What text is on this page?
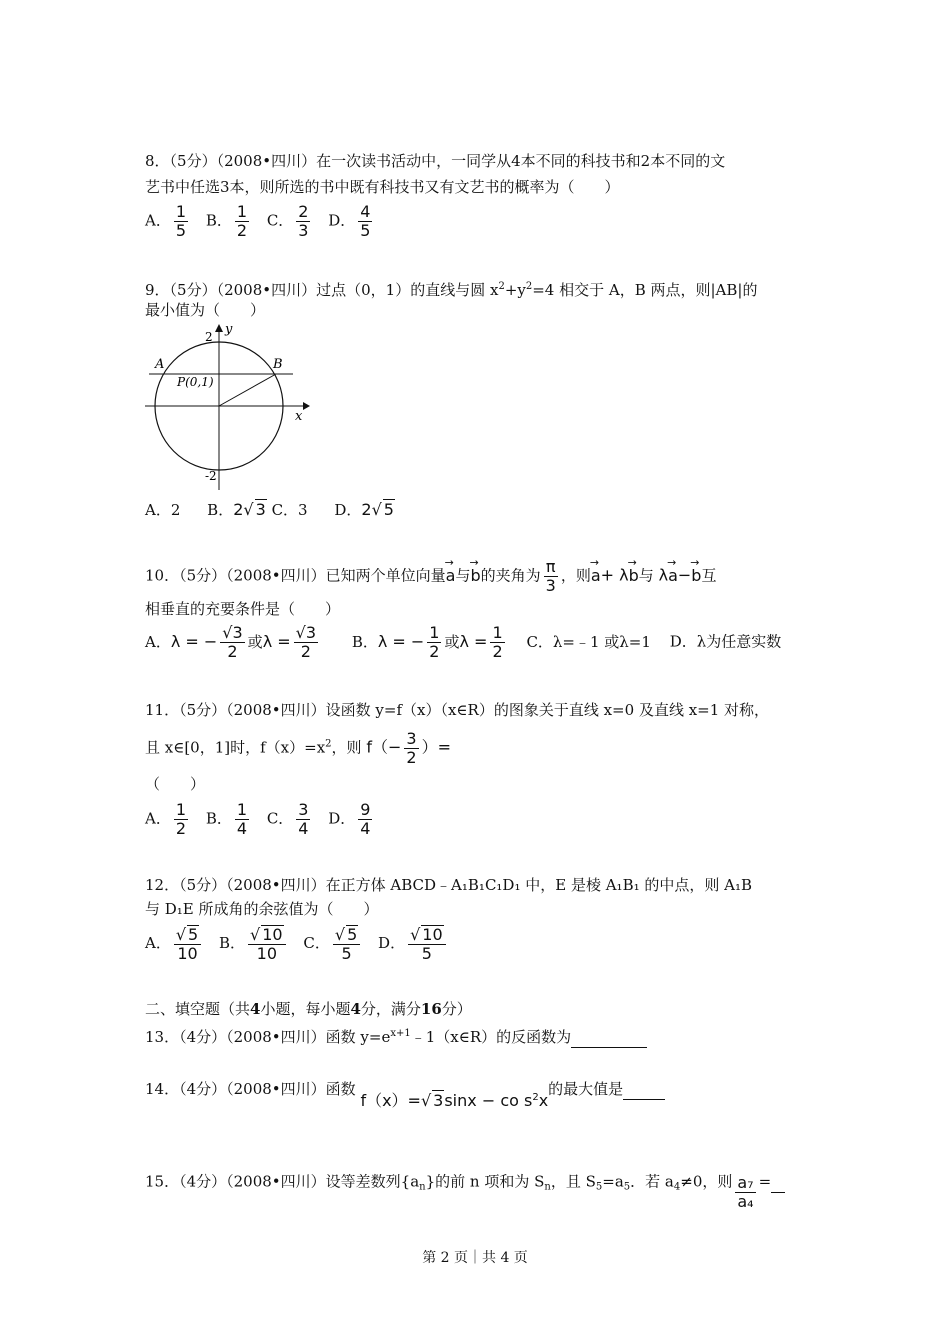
8．（5分）（2008•四川）在一次读书活动中，一同学从4本不同的科技书和2本不同的文
艺书中任选3本，则所选的书中既有科技书又有文艺书的概率为（　　）
A． $\frac{1}{5}$ B． $\frac{1}{2}$ C． $\frac{2}{3}$ D． $\frac{4}{5}$
9．（5分）（2008•四川）过点（0，1）的直线与圆 $x^2+y^2=4$ 相交于 A，B 两点，则|AB|的
最小值为（　　）
y
x
2
-2
A	B
P(0,1)
A．2 B．2√ 3 C．3 D．2√ 5
10．（5分）（2008•四川）已知两个单位向量→ a与→ b的夹角为 $\frac{\pi}{3}$ ，则→ a+ λ→ b与 λ→ a−→ b互
相垂直的充要条件是（　　）
A．λ = − $\frac{√3}{2}$ 或$\lambda = \frac{√3}{2}$ B．λ = − $\frac{1}{2}$ 或$\lambda = \frac{1}{2}$ C．λ=﹣1 或λ=1 D．λ为任意实数
11．（5分）（2008•四川）设函数 y=f（x）（x∈R）的图象关于直线 x=0 及直线 x=1 对称，
且 x∈[0，1]时，$f(x)=x^2$，则 $f(- \frac{3}{2}$ ）=
（　　）
A． $\frac{1}{2}$ B． $\frac{1}{4}$ C． $\frac{3}{4}$ D． $\frac{9}{4}$
12．（5分）（2008•四川）在正方体 ABCD﹣A₁B₁C₁D₁ 中，E 是棱 A₁B₁ 的中点，则 A₁B
与 D₁E 所成角的余弦值为（　　）
A． $\frac{√ 5}{10}$ B． $\frac{√ 10}{10}$ C． $\frac{√ 5}{5}$ D． $\frac{√ 10}{5}$
二、填空题（共4小题，每小题4分，满分16分）
13．（4分）（2008•四川）函数 $y=e^{x+1}﹣1(x\in R)$的反函数为
14．（4分）（2008•四川）函数 f（x）=√ 3sinx − co $s^2x$的最大值是
15．（4分）（2008•四川）设等差数列$\{a_n\}$的前 n 项和为 $S_n$，且 $S_5=a_5$．若 $a_4\ne 0$，则 $\frac{\text{a₇}}{\text{a₄}}$ =
第 2 页｜共 4 页
